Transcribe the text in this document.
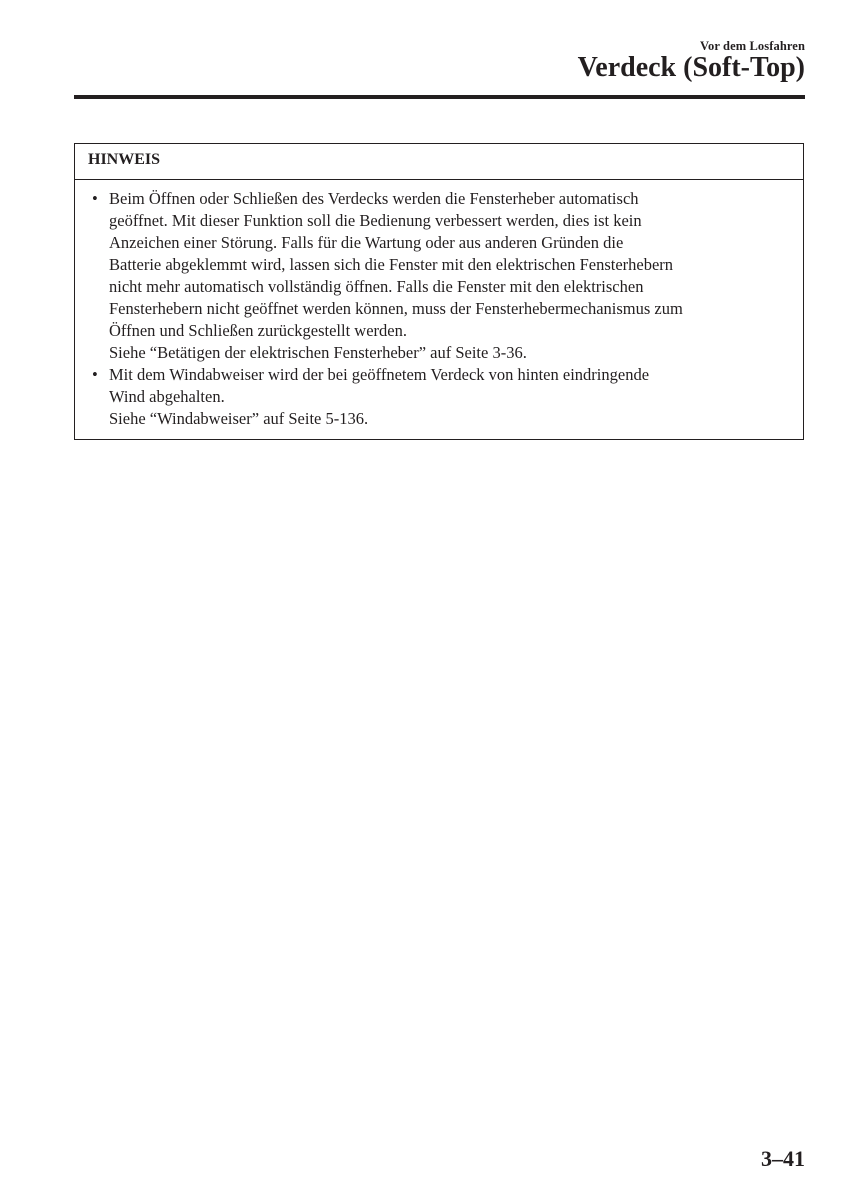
Vor dem Losfahren
Verdeck (Soft-Top)
HINWEIS
• Beim Öffnen oder Schließen des Verdecks werden die Fensterheber automatisch
geöffnet. Mit dieser Funktion soll die Bedienung verbessert werden, dies ist kein
Anzeichen einer Störung. Falls für die Wartung oder aus anderen Gründen die
Batterie abgeklemmt wird, lassen sich die Fenster mit den elektrischen Fensterhebern
nicht mehr automatisch vollständig öffnen. Falls die Fenster mit den elektrischen
Fensterhebern nicht geöffnet werden können, muss der Fensterhebermechanismus zum
Öffnen und Schließen zurückgestellt werden.
Siehe “Betätigen der elektrischen Fensterheber” auf Seite 3-36.
• Mit dem Windabweiser wird der bei geöffnetem Verdeck von hinten eindringende
Wind abgehalten.
Siehe “Windabweiser” auf Seite 5-136.
3–41
